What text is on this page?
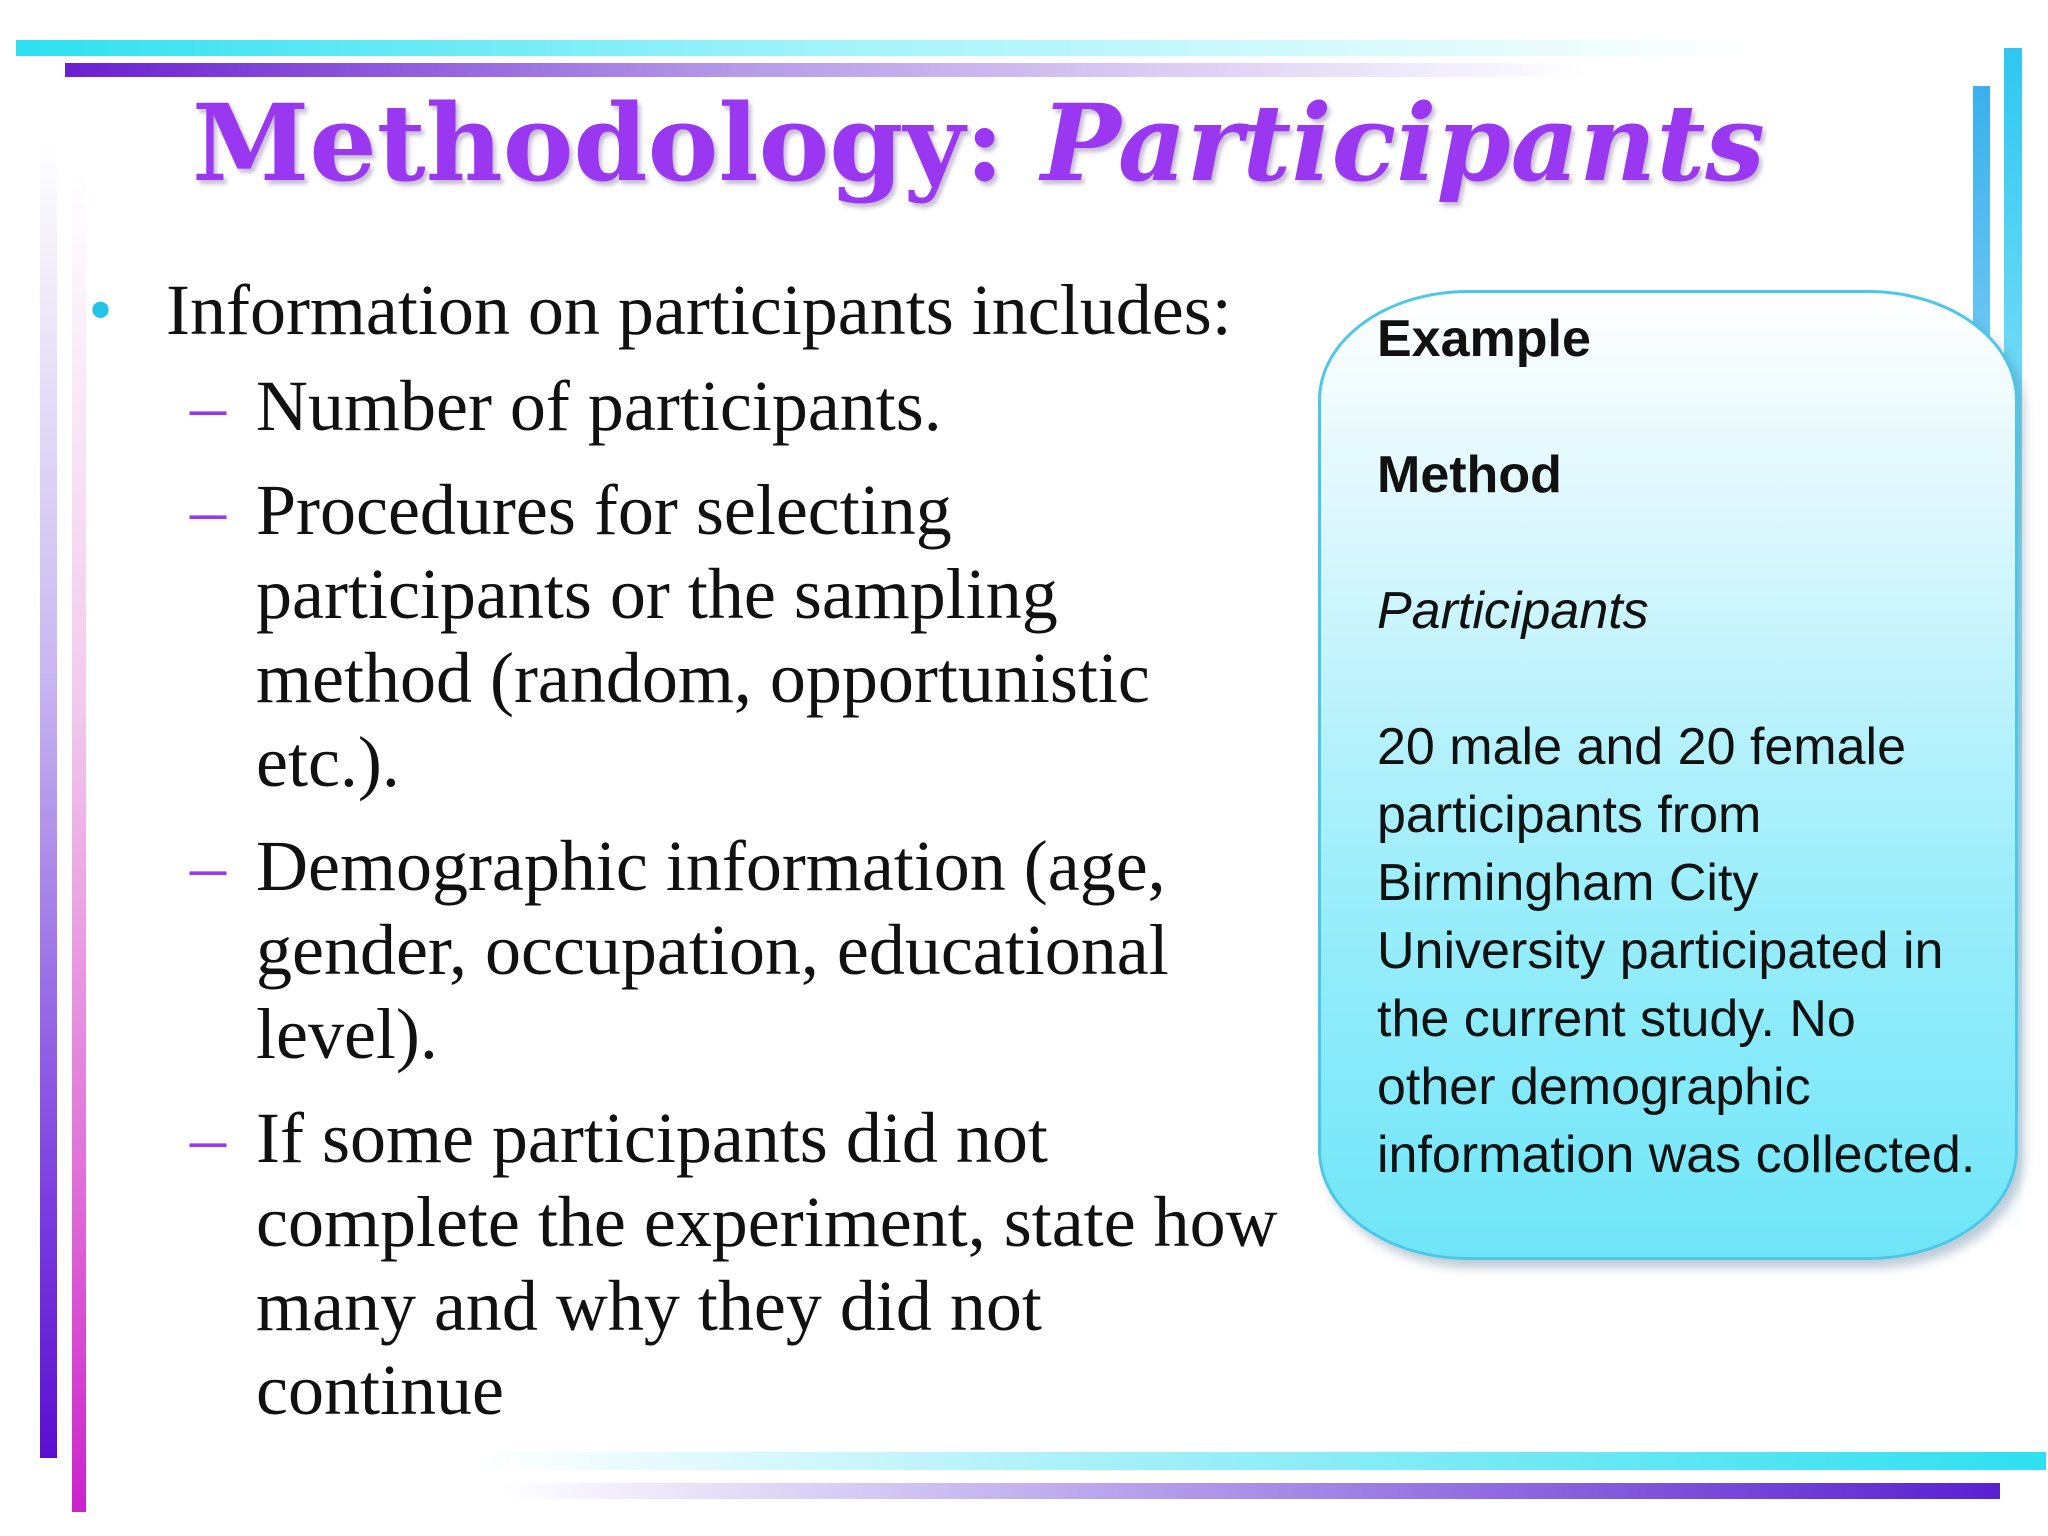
Methodology: Participants

• Information on participants includes:

– Number of participants.

– Procedures for selecting participants or the sampling method (random, opportunistic etc.).

– Demographic information (age, gender, occupation, educational level).

– If some participants did not complete the experiment, state how many and why they did not continue

Example

Method

Participants

20 male and 20 female participants from Birmingham City University participated in the current study. No other demographic information was collected.
